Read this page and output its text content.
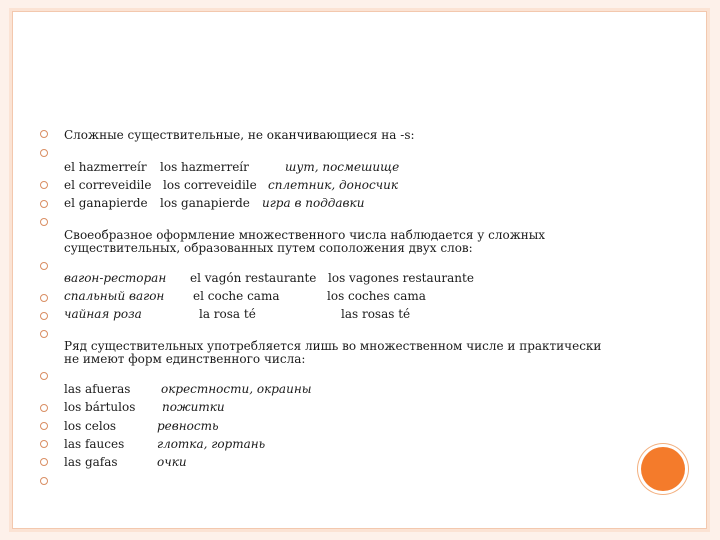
Сложные существительные, не оканчивающиеся на -s:
el hazmerreír los hazmerreír	шут, посмешище
el correveidile los correveidile сплетник, доносчик
el ganapierde los ganapierde игра в поддавки
Своеобразное оформление множественного числа наблюдается у сложных существительных, образованных путем соположения двух слов:
вагон-ресторан el vagón restaurante los vagones restaurante
спальный вагон el coche cama	los coches cama
чайная роза	la rosa té	las rosas té
Ряд существительных употребляется лишь во множественном числе и практически не имеют форм единственного числа:
las afueras	окрестности, окраины
los bártulos пожитки
los celos	ревность
las fauces	глотка, гортань
las gafas	очки
